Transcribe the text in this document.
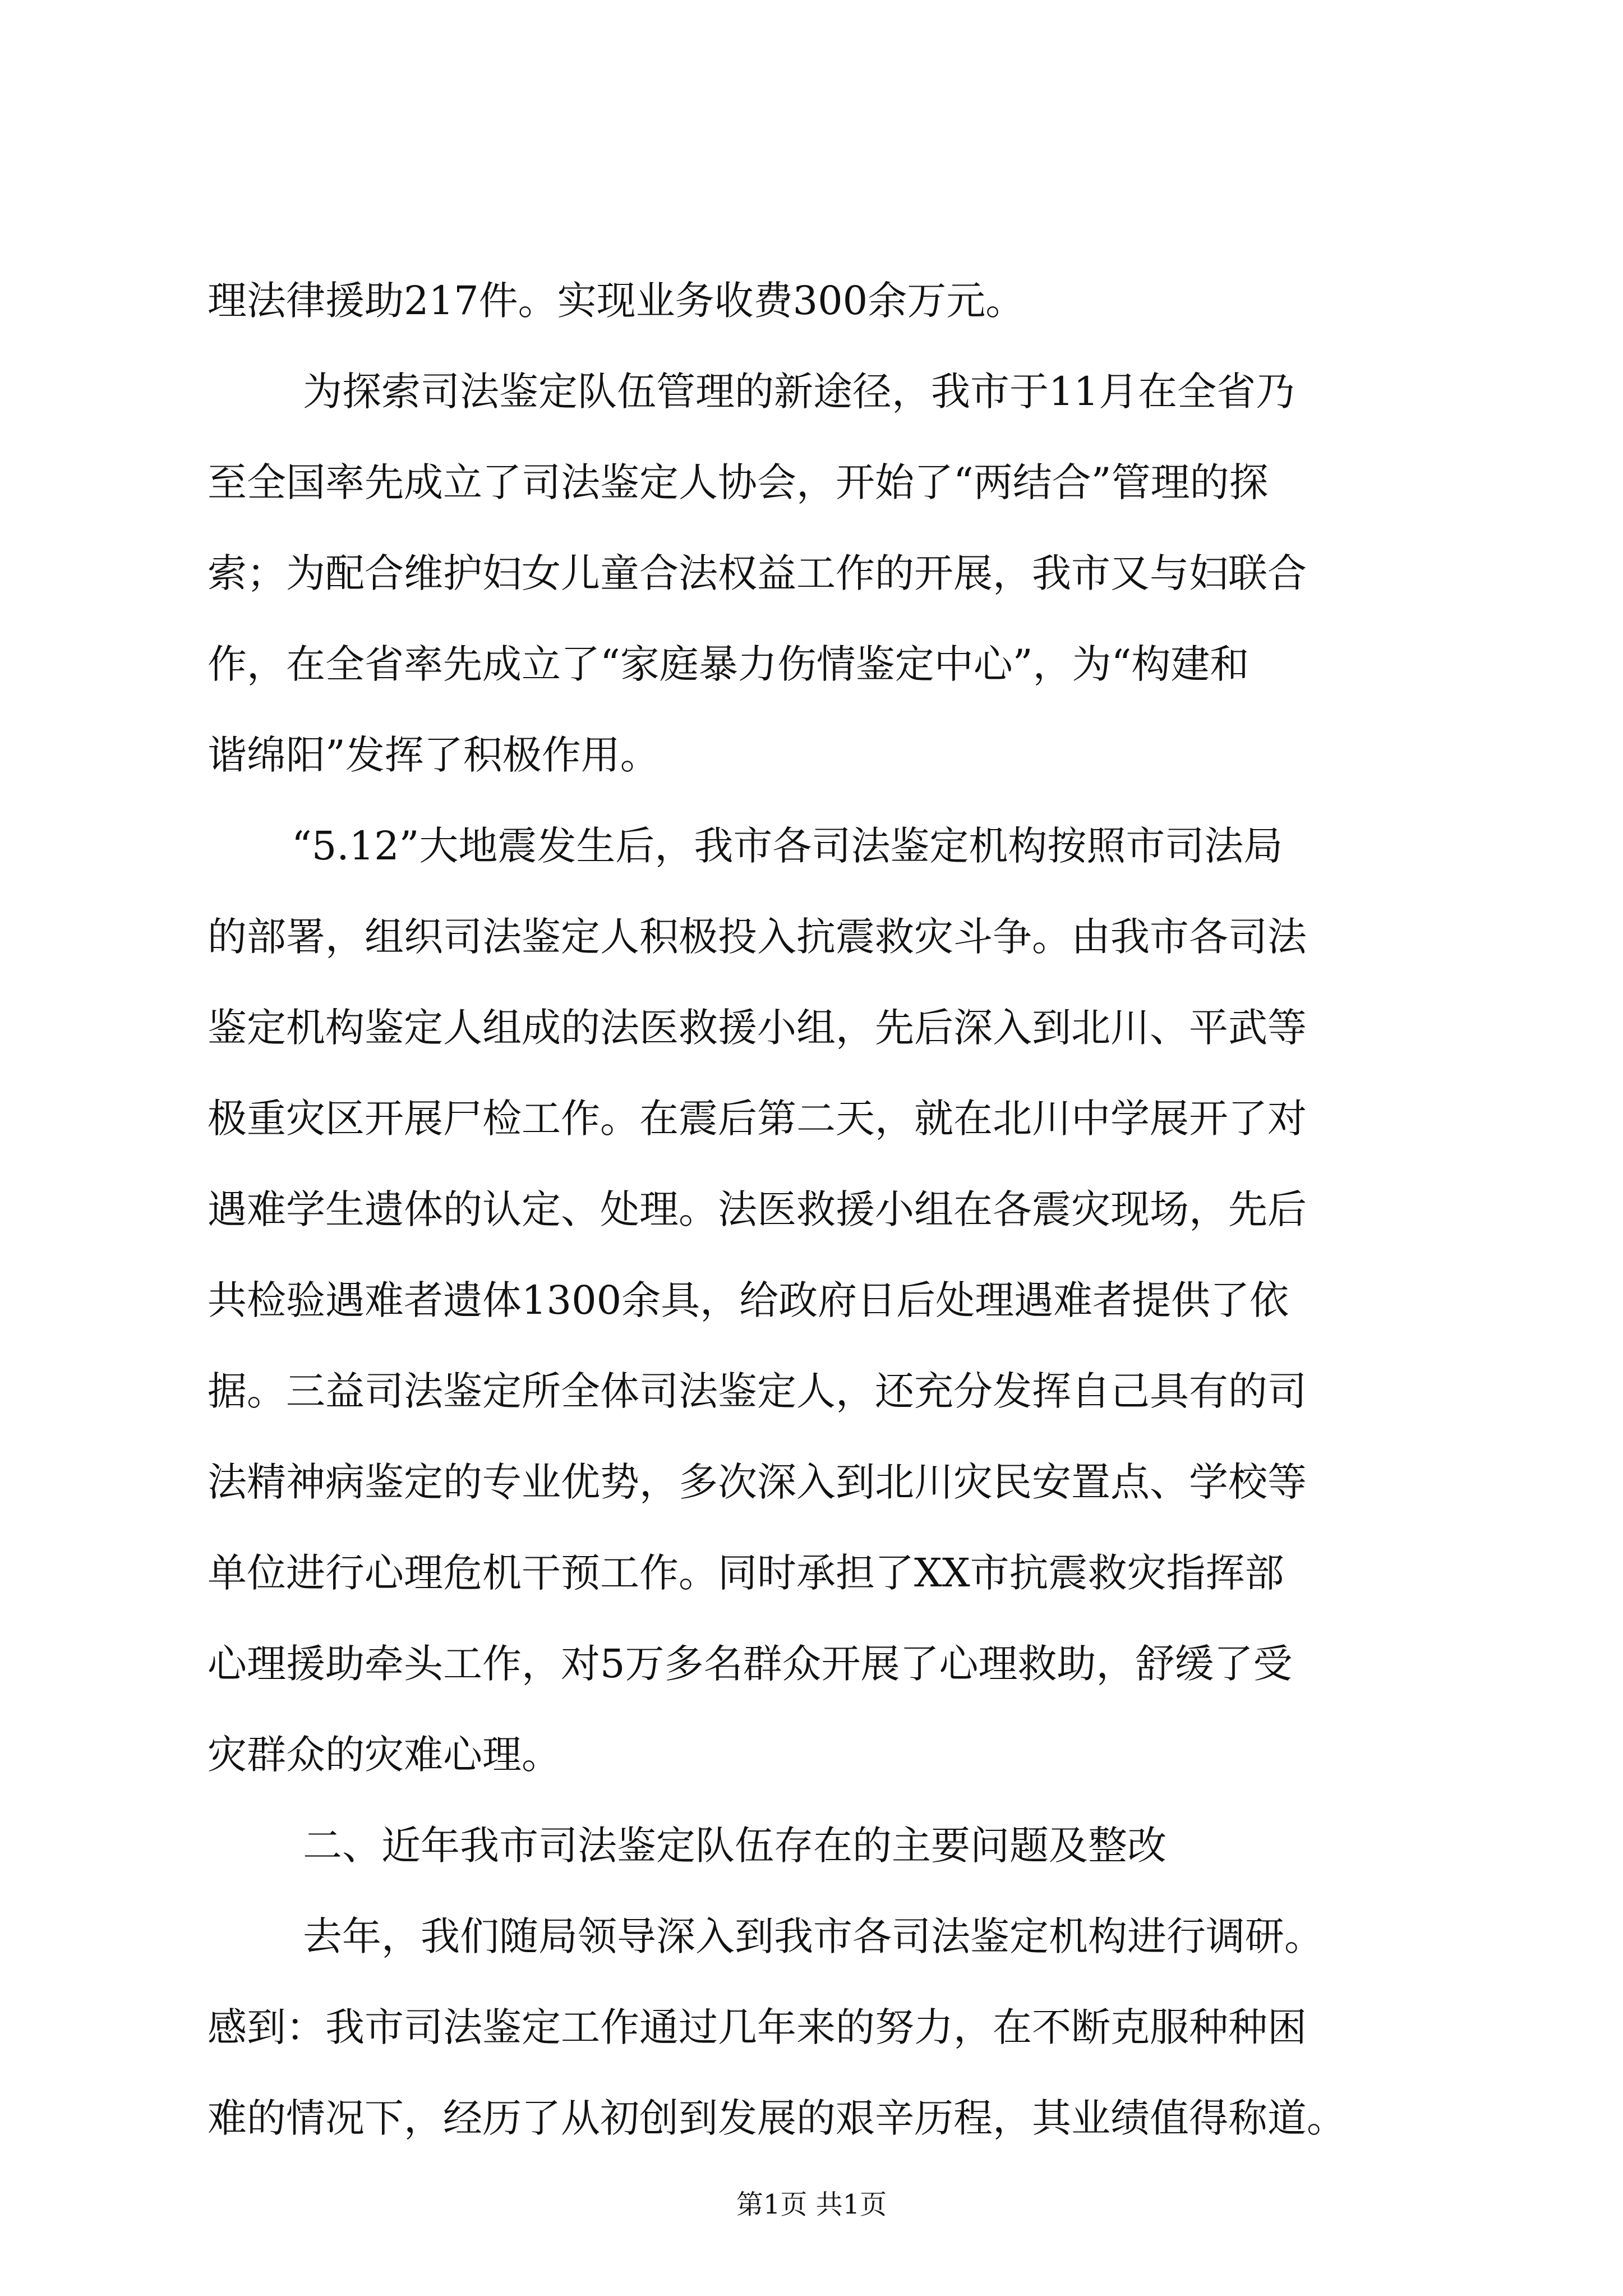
理法律援助217件。实现业务收费300余万元。

为探索司法鉴定队伍管理的新途径，我市于11月在全省乃

至全国率先成立了司法鉴定人协会，开始了“两结合”管理的探

索；为配合维护妇女儿童合法权益工作的开展，我市又与妇联合

作，在全省率先成立了“家庭暴力伤情鉴定中心”，为“构建和

谐绵阳”发挥了积极作用。

“5.12”大地震发生后，我市各司法鉴定机构按照市司法局

的部署，组织司法鉴定人积极投入抗震救灾斗争。由我市各司法

鉴定机构鉴定人组成的法医救援小组，先后深入到北川、平武等

极重灾区开展尸检工作。在震后第二天，就在北川中学展开了对

遇难学生遗体的认定、处理。法医救援小组在各震灾现场，先后

共检验遇难者遗体1300余具，给政府日后处理遇难者提供了依

据。三益司法鉴定所全体司法鉴定人，还充分发挥自己具有的司

法精神病鉴定的专业优势，多次深入到北川灾民安置点、学校等

单位进行心理危机干预工作。同时承担了XX市抗震救灾指挥部

心理援助牵头工作，对5万多名群众开展了心理救助，舒缓了受

灾群众的灾难心理。

二、近年我市司法鉴定队伍存在的主要问题及整改

去年，我们随局领导深入到我市各司法鉴定机构进行调研。

感到：我市司法鉴定工作通过几年来的努力，在不断克服种种困

难的情况下，经历了从初创到发展的艰辛历程，其业绩值得称道。

第1页 共1页
